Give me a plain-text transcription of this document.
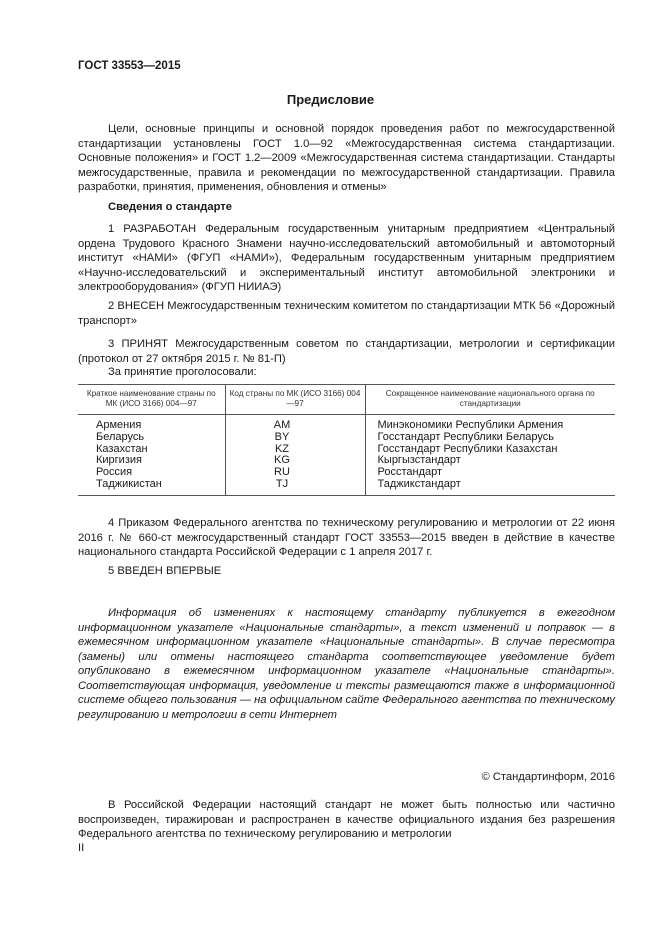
ГОСТ 33553—2015
Предисловие
Цели, основные принципы и основной порядок проведения работ по межгосударственной стандартизации установлены ГОСТ 1.0—92 «Межгосударственная система стандартизации. Основные положения» и ГОСТ 1.2—2009 «Межгосударственная система стандартизации. Стандарты межгосударственные, правила и рекомендации по межгосударственной стандартизации. Правила разработки, принятия, применения, обновления и отмены»
Сведения о стандарте
1 РАЗРАБОТАН Федеральным государственным унитарным предприятием «Центральный ордена Трудового Красного Знамени научно-исследовательский автомобильный и автомоторный институт «НАМИ» (ФГУП «НАМИ»), Федеральным государственным унитарным предприятием «Научно-исследовательский и экспериментальный институт автомобильной электроники и электрооборудования» (ФГУП НИИАЭ)
2 ВНЕСЕН Межгосударственным техническим комитетом по стандартизации МТК 56 «Дорожный транспорт»
3 ПРИНЯТ Межгосударственным советом по стандартизации, метрологии и сертификации (протокол от 27 октября 2015 г. № 81-П)
За принятие проголосовали:
Краткое наименование страны по МК (ИСО 3166) 004—97	Код страны по МК (ИСО 3166) 004—97	Сокращенное наименование национального органа по стандартизации
Армения	AM	Минэкономики Республики Армения
Беларусь	BY	Госстандарт Республики Беларусь
Казахстан	KZ	Госстандарт Республики Казахстан
Киргизия	KG	Кыргызстандарт
Россия	RU	Росстандарт
Таджикистан	TJ	Таджикстандарт
4 Приказом Федерального агентства по техническому регулированию и метрологии от 22 июня 2016 г. № 660-ст межгосударственный стандарт ГОСТ 33553—2015 введен в действие в качестве национального стандарта Российской Федерации с 1 апреля 2017 г.
5 ВВЕДЕН ВПЕРВЫЕ
Информация об изменениях к настоящему стандарту публикуется в ежегодном информационном указателе «Национальные стандарты», а текст изменений и поправок — в ежемесячном информационном указателе «Национальные стандарты». В случае пересмотра (замены) или отмены настоящего стандарта соответствующее уведомление будет опубликовано в ежемесячном информационном указателе «Национальные стандарты». Соответствующая информация, уведомление и тексты размещаются также в информационной системе общего пользования — на официальном сайте Федерального агентства по техническому регулированию и метрологии в сети Интернет
© Стандартинформ, 2016
В Российской Федерации настоящий стандарт не может быть полностью или частично воспроизведен, тиражирован и распространен в качестве официального издания без разрешения Федерального агентства по техническому регулированию и метрологии
II
